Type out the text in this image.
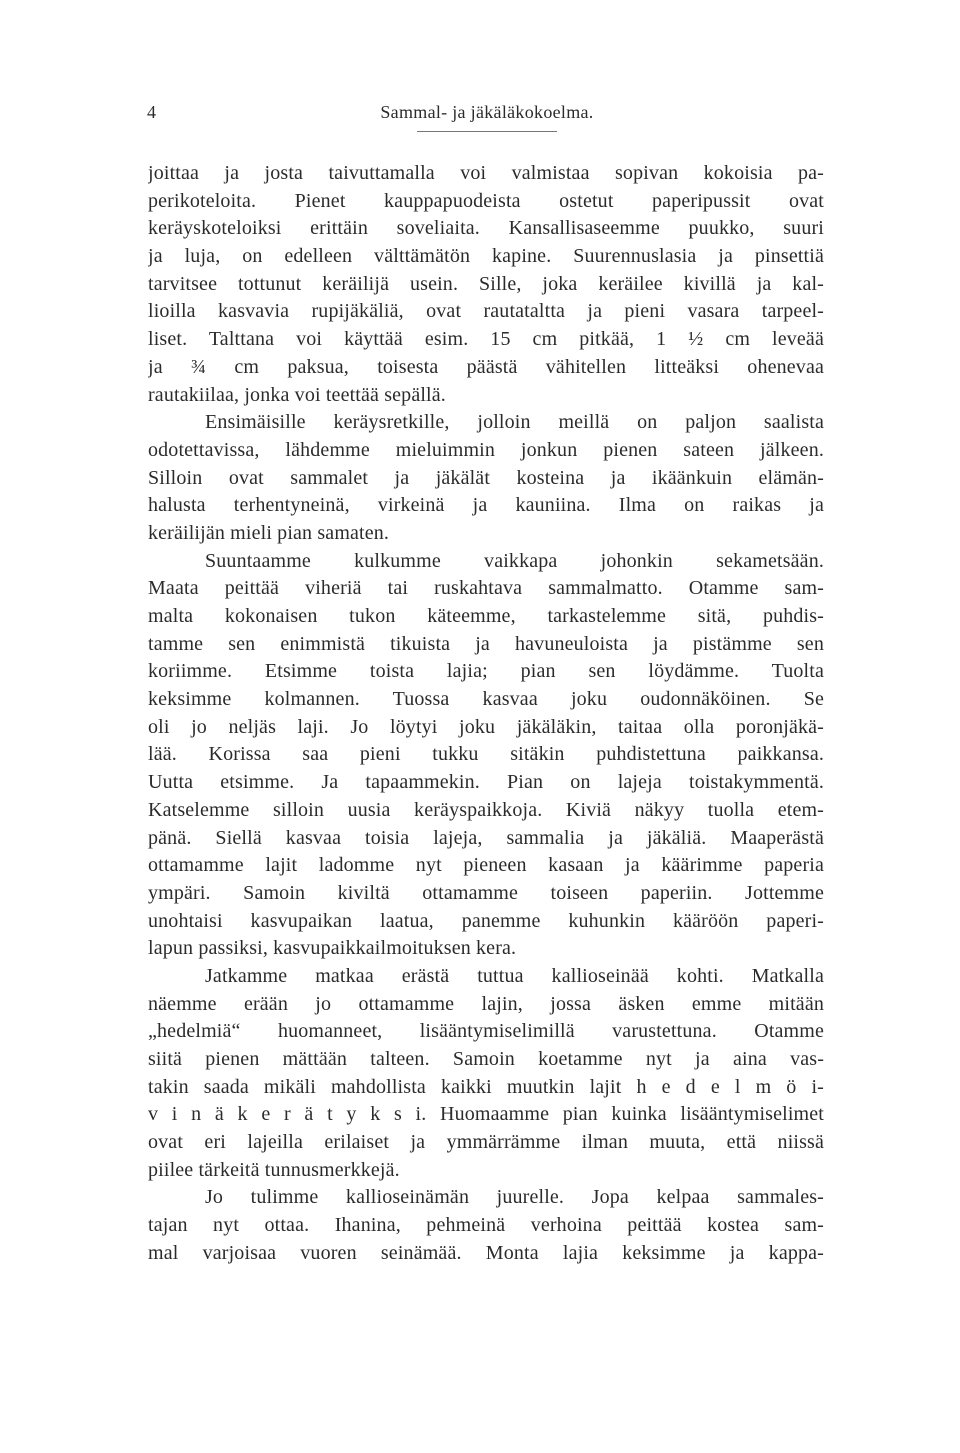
4	Sammal- ja jäkäläkokoelma.
joittaa ja josta taivuttamalla voi valmistaa sopivan kokoisia pa-
perikoteloita. Pienet kauppapuodeista ostetut paperipussit ovat
keräyskoteloiksi erittäin soveliaita. Kansallisaseemme puukko, suuri
ja luja, on edelleen välttämätön kapine. Suurennuslasia ja pinsettiä
tarvitsee tottunut keräilijä usein. Sille, joka keräilee kivillä ja kal-
lioilla kasvavia rupijäkäliä, ovat rautataltta ja pieni vasara tarpeel-
liset. Talttana voi käyttää esim. 15 cm pitkää, 1 ½ cm leveää
ja ¾ cm paksua, toisesta päästä vähitellen litteäksi ohenevaa
rautakiilaa, jonka voi teettää sepällä.
Ensimäisille keräysretkille, jolloin meillä on paljon saalista
odotettavissa, lähdemme mieluimmin jonkun pienen sateen jälkeen.
Silloin ovat sammalet ja jäkälät kosteina ja ikäänkuin elämän-
halusta terhentyneinä, virkeinä ja kauniina. Ilma on raikas ja
keräilijän mieli pian samaten.
Suuntaamme kulkumme vaikkapa johonkin sekametsään.
Maata peittää viheriä tai ruskahtava sammalmatto. Otamme sam-
malta kokonaisen tukon käteemme, tarkastelemme sitä, puhdis-
tamme sen enimmistä tikuista ja havuneuloista ja pistämme sen
koriimme. Etsimme toista lajia; pian sen löydämme. Tuolta
keksimme kolmannen. Tuossa kasvaa joku oudonnäköinen. Se
oli jo neljäs laji. Jo löytyi joku jäkäläkin, taitaa olla poronjäkä-
lää. Korissa saa pieni tukku sitäkin puhdistettuna paikkansa.
Uutta etsimme. Ja tapaammekin. Pian on lajeja toistakymmentä.
Katselemme silloin uusia keräyspaikkoja. Kiviä näkyy tuolla etem-
pänä. Siellä kasvaa toisia lajeja, sammalia ja jäkäliä. Maaperästä
ottamamme lajit ladomme nyt pieneen kasaan ja käärimme paperia
ympäri. Samoin kiviltä ottamamme toiseen paperiin. Jottemme
unohtaisi kasvupaikan laatua, panemme kuhunkin kääröön paperi-
lapun passiksi, kasvupaikkailmoituksen kera.
Jatkamme matkaa erästä tuttua kallioseinää kohti. Matkalla
näemme erään jo ottamamme lajin, jossa äsken emme mitään
„hedelmiä“ huomanneet, lisääntymiselimillä varustettuna. Otamme
siitä pienen mättään talteen. Samoin koetamme nyt ja aina vas-
takin saada mikäli mahdollista kaikki muutkin lajit h e d e l m ö i-
v i n ä k e r ä t y k s i. Huomaamme pian kuinka lisääntymiselimet
ovat eri lajeilla erilaiset ja ymmärrämme ilman muuta, että niissä
piilee tärkeitä tunnusmerkkejä.
Jo tulimme kallioseinämän juurelle. Jopa kelpaa sammales-
tajan nyt ottaa. Ihanina, pehmeinä verhoina peittää kostea sam-
mal varjoisaa vuoren seinämää. Monta lajia keksimme ja kappa-
